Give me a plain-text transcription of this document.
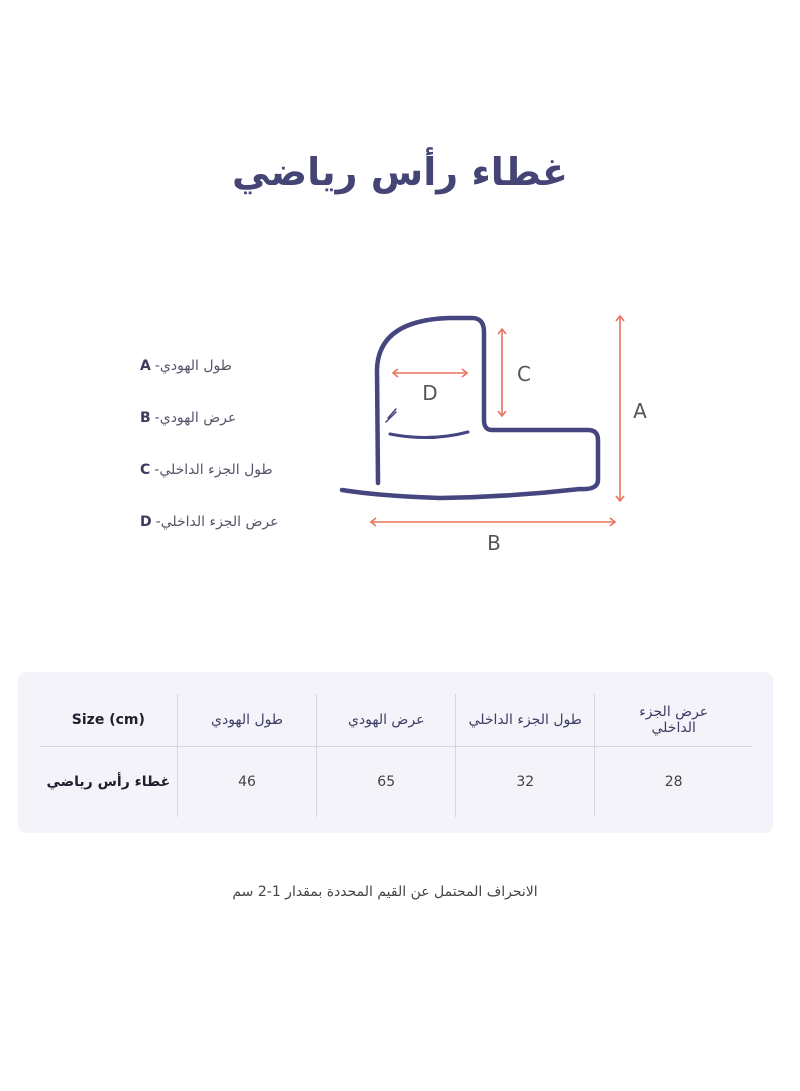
غطاء رأس رياضي
A - طول الهودي
B - عرض الهودي
C - طول الجزء الداخلي
D - عرض الجزء الداخلي
D
C
A
B
Size (cm)	طول الهودي	عرض الهودي	طول الجزء الداخلي	عرض الجزء الداخلي
غطاء رأس رياضي	46	65	32	28
الانحراف المحتمل عن القيم المحددة بمقدار 1-2 سم
